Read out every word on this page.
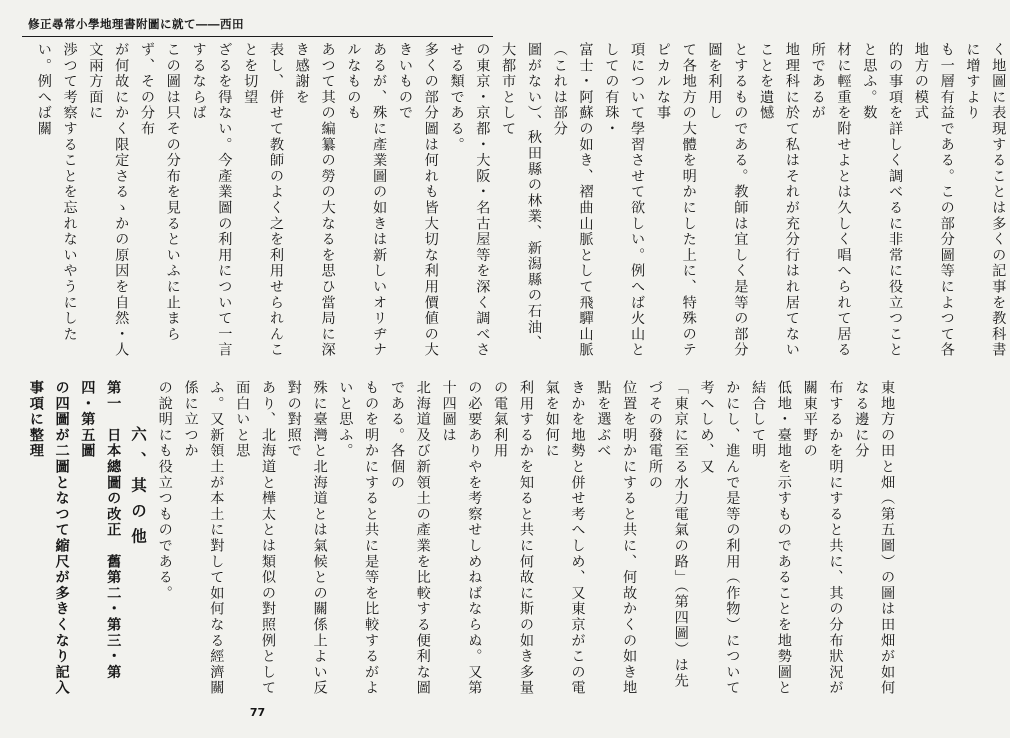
修正尋常小學地理書附圖に就て――西田
く地圖に表現することは多くの記事を教科書に增すより
も一層有益である。この部分圖等によつて各地方の模式
的の事項を詳しく調べるに非常に役立つことと思ふ。数
材に輕重を附せよとは久しく唱へられて居る所であるが
地理科に於て私はそれが充分行はれ居てないことを遺憾
とするものである。教師は宜しく是等の部分圖を利用し
て各地方の大體を明かにした上に、特殊のテピカルな事
項について學習させて欲しい。例へば火山としての有珠・
富士・阿蘇の如き、褶曲山脈として飛驒山脈（これは部分
圖がない）、秋田縣の林業、新潟縣の石油、大都市として
の東京・京都・大阪・名古屋等を深く調べさせる類である。
多くの部分圖は何れも皆大切な利用價値の大きいもので
あるが、殊に產業圖の如きは新しいオリヂナルなものも
あつて其の編纂の勞の大なるを思ひ當局に深き感謝を
表し、併せて教師のよく之を利用せられんことを切望
ざるを得ない。今產業圖の利用について一言するならば
この圖は只その分布を見るといふに止まらず、その分布
が何故にかく限定さるゝかの原因を自然・人文兩方面に
渉つて考察することを忘れないやうにしたい。例へば關
東地方の田と畑（第五圖）の圖は田畑が如何なる邊に分
布するかを明にすると共に、其の分布狀況が關東平野の
低地・臺地を示すものであることを地勢圖と結合して明
かにし、進んで是等の利用（作物）について考へしめ、又
「東京に至る水力電氣の路」（第四圖）は先づその發電所の
位置を明かにすると共に、何故かくの如き地點を選ぶべ
きかを地勢と併せ考へしめ、又東京がこの電氣を如何に
利用するかを知ると共に何故に斯の如き多量の電氣利用
の必要ありやを考察せしめねばならぬ。又第十四圖は
北海道及び新領土の產業を比較する便利な圖である。各個の
ものを明かにすると共に是等を比較するがよいと思ふ。
殊に臺灣と北海道とは氣候との關係上よい反對の對照で
あり、北海道と樺太とは類似の對照例として面白いと思
ふ。又新領土が本土に對して如何なる經濟關係に立つか
の說明にも役立つものである。
六、其の他
第一　日本總圖の改正　舊第二・第三・第四・第五圖
の四圖が二圖となつて縮尺が多きくなり記入事項に整理
77
